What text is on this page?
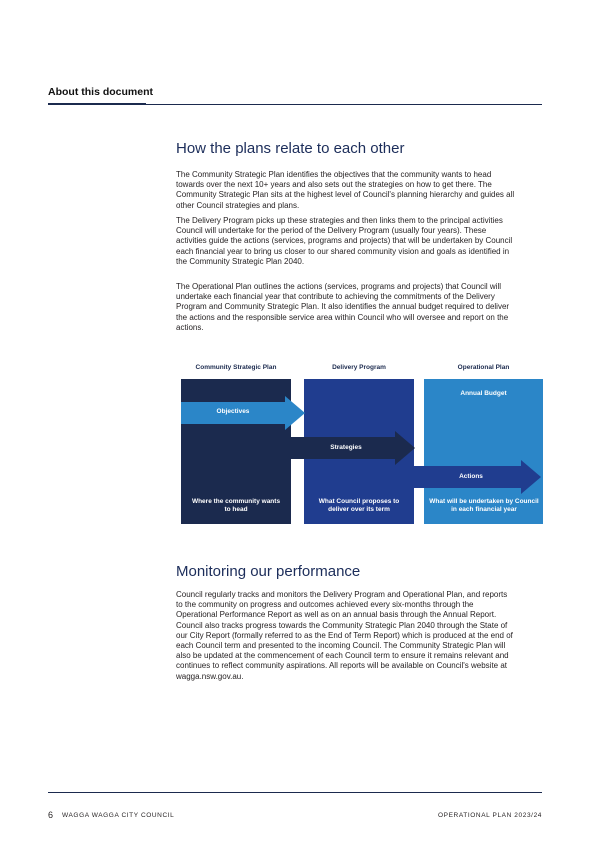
About this document
How the plans relate to each other

The Community Strategic Plan identifies the objectives that the community wants to head towards over the next 10+ years and also sets out the strategies on how to get there. The Community Strategic Plan sits at the highest level of Council's planning hierarchy and guides all other Council strategies and plans.

The Delivery Program picks up these strategies and then links them to the principal activities Council will undertake for the period of the Delivery Program (usually four years). These activities guide the actions (services, programs and projects) that will be undertaken by Council each financial year to bring us closer to our shared community vision and goals as identified in the Community Strategic Plan 2040.

The Operational Plan outlines the actions (services, programs and projects) that Council will undertake each financial year that contribute to achieving the commitments of the Delivery Program and Community Strategic Plan. It also identifies the annual budget required to deliver the actions and the responsible service area within Council who will oversee and report on the actions.

Community Strategic Plan	Delivery Program	Operational Plan
Annual Budget
Objectives
Strategies
Actions
Where the community wants to head
What Council proposes to deliver over its term
What will be undertaken by Council in each financial year
Monitoring our performance

Council regularly tracks and monitors the Delivery Program and Operational Plan, and reports to the community on progress and outcomes achieved every six-months through the Operational Performance Report as well as on an annual basis through the Annual Report. Council also tracks progress towards the Community Strategic Plan 2040 through the State of our City Report (formally referred to as the End of Term Report) which is produced at the end of each Council term and presented to the incoming Council. The Community Strategic Plan will also be updated at the commencement of each Council term to ensure it remains relevant and continues to reflect community aspirations. All reports will be available on Council's website at wagga.nsw.gov.au.

6 WAGGA WAGGA CITY COUNCIL	OPERATIONAL PLAN 2023/24
